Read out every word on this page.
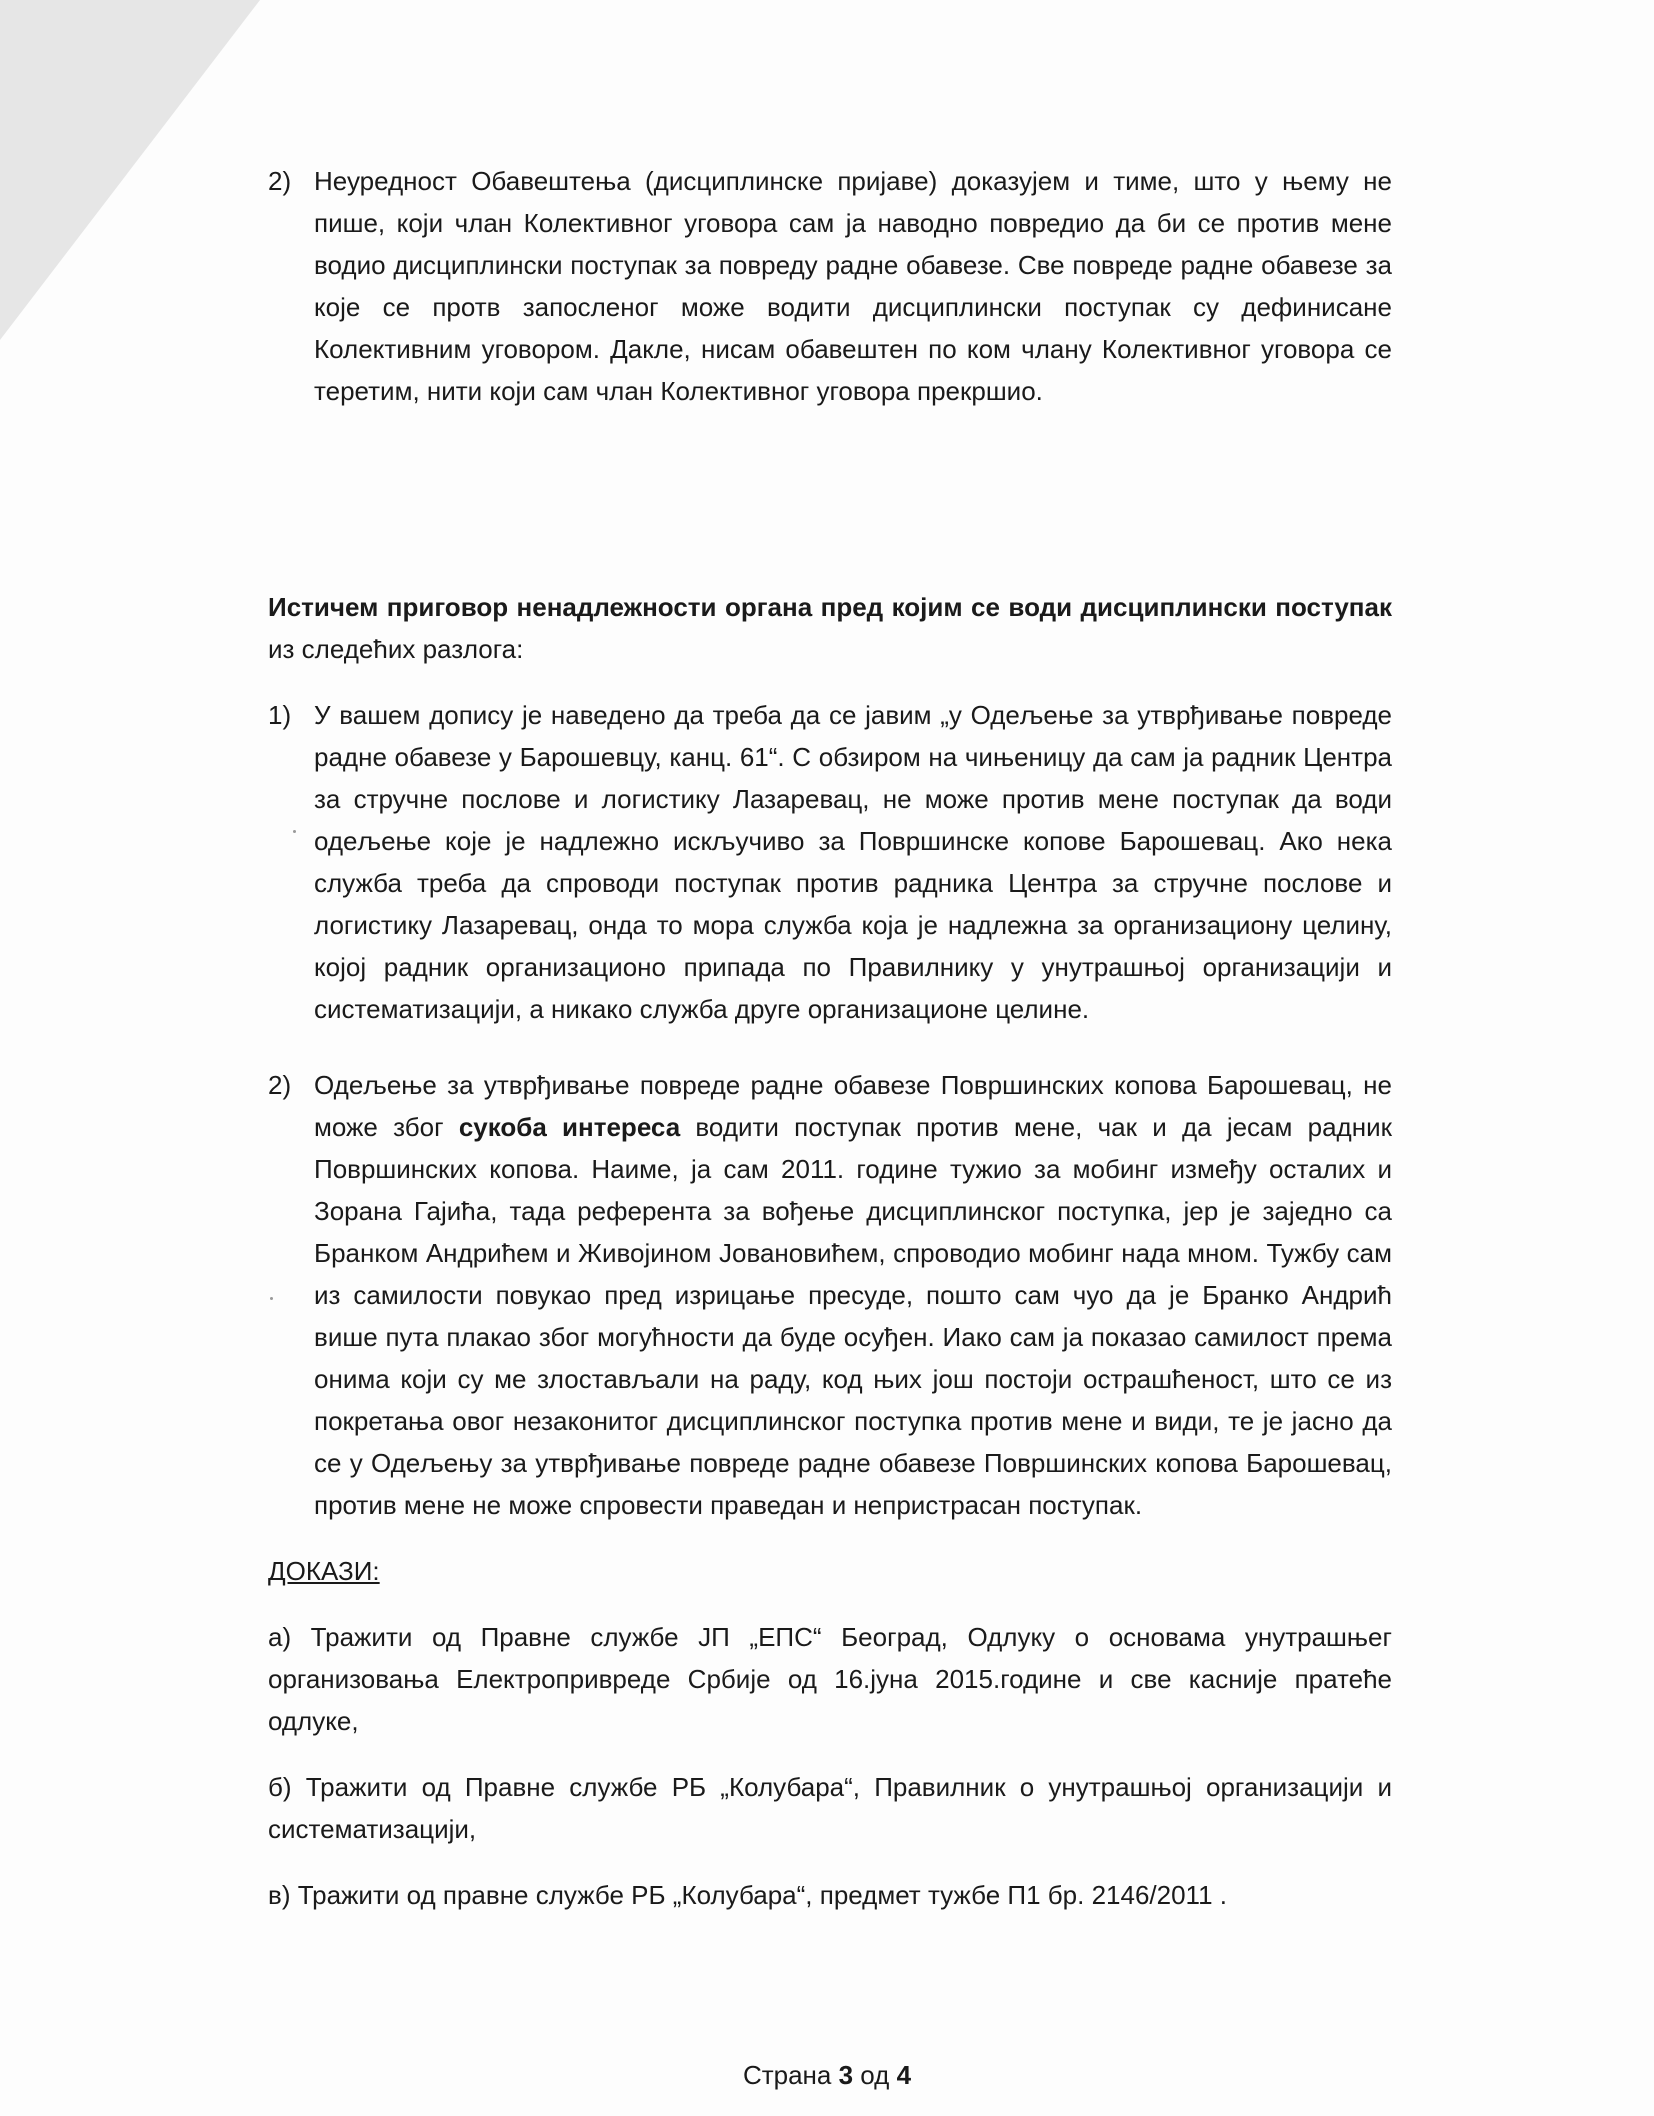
2) Неуредност Обавештења (дисциплинске пријаве) доказујем и тиме, што у њему не пише, који члан Колективног уговора сам ја наводно повредио да би се против мене водио дисциплински поступак за повреду радне обавезе. Све повреде радне обавезе за које се протв запосленог може водити дисциплински поступак су дефинисане Колективним уговором. Дакле, нисам обавештен по ком члану Колективног уговора се теретим, нити који сам члан Колективног уговора прекршио.
Истичем приговор ненадлежности органа пред којим се води дисциплински поступак из следећих разлога:
1) У вашем допису је наведено да треба да се јавим „у Одељење за утврђивање повреде радне обавезе у Барошевцу, канц. 61“. С обзиром на чињеницу да сам ја радник Центра за стручне послове и логистику Лазаревац, не може против мене поступак да води одељење које је надлежно искључиво за Површинске копове Барошевац. Ако нека служба треба да спроводи поступак против радника Центра за стручне послове и логистику Лазаревац, онда то мора служба која је надлежна за организациону целину, којој радник организационо припада по Правилнику у унутрашњој организацији и систематизацији, а никако служба друге организационе целине.
2) Одељење за утврђивање повреде радне обавезе Површинских копова Барошевац, не може због сукоба интереса водити поступак против мене, чак и да јесам радник Површинских копова. Наиме, ја сам 2011. године тужио за мобинг између осталих и Зорана Гајића, тада референта за вођење дисциплинског поступка, јер је заједно са Бранком Андрићем и Живојином Јовановићем, спроводио мобинг нада мном. Тужбу сам из самилости повукао пред изрицање пресуде, пошто сам чуо да је Бранко Андрић више пута плакао због могућности да буде осуђен. Иако сам ја показао самилост према онима који су ме злостављали на раду, код њих још постоји острашћеност, што се из покретања овог незаконитог дисциплинског поступка против мене и види, те је јасно да се у Одељењу за утврђивање повреде радне обавезе Површинских копова Барошевац, против мене не може спровести праведан и непристрасан поступак.
ДОКАЗИ:
а) Тражити од Правне службе ЈП „ЕПС“ Београд, Одлуку о основама унутрашњег организовања Електропривреде Србије од 16.јуна 2015.године и све касније пратеће одлуке,
б) Тражити од Правне службе РБ „Колубара“, Правилник о унутрашњој организацији и систематизацији,
в) Тражити од правне службе РБ „Колубара“, предмет тужбе П1 бр. 2146/2011 .
Страна 3 од 4
